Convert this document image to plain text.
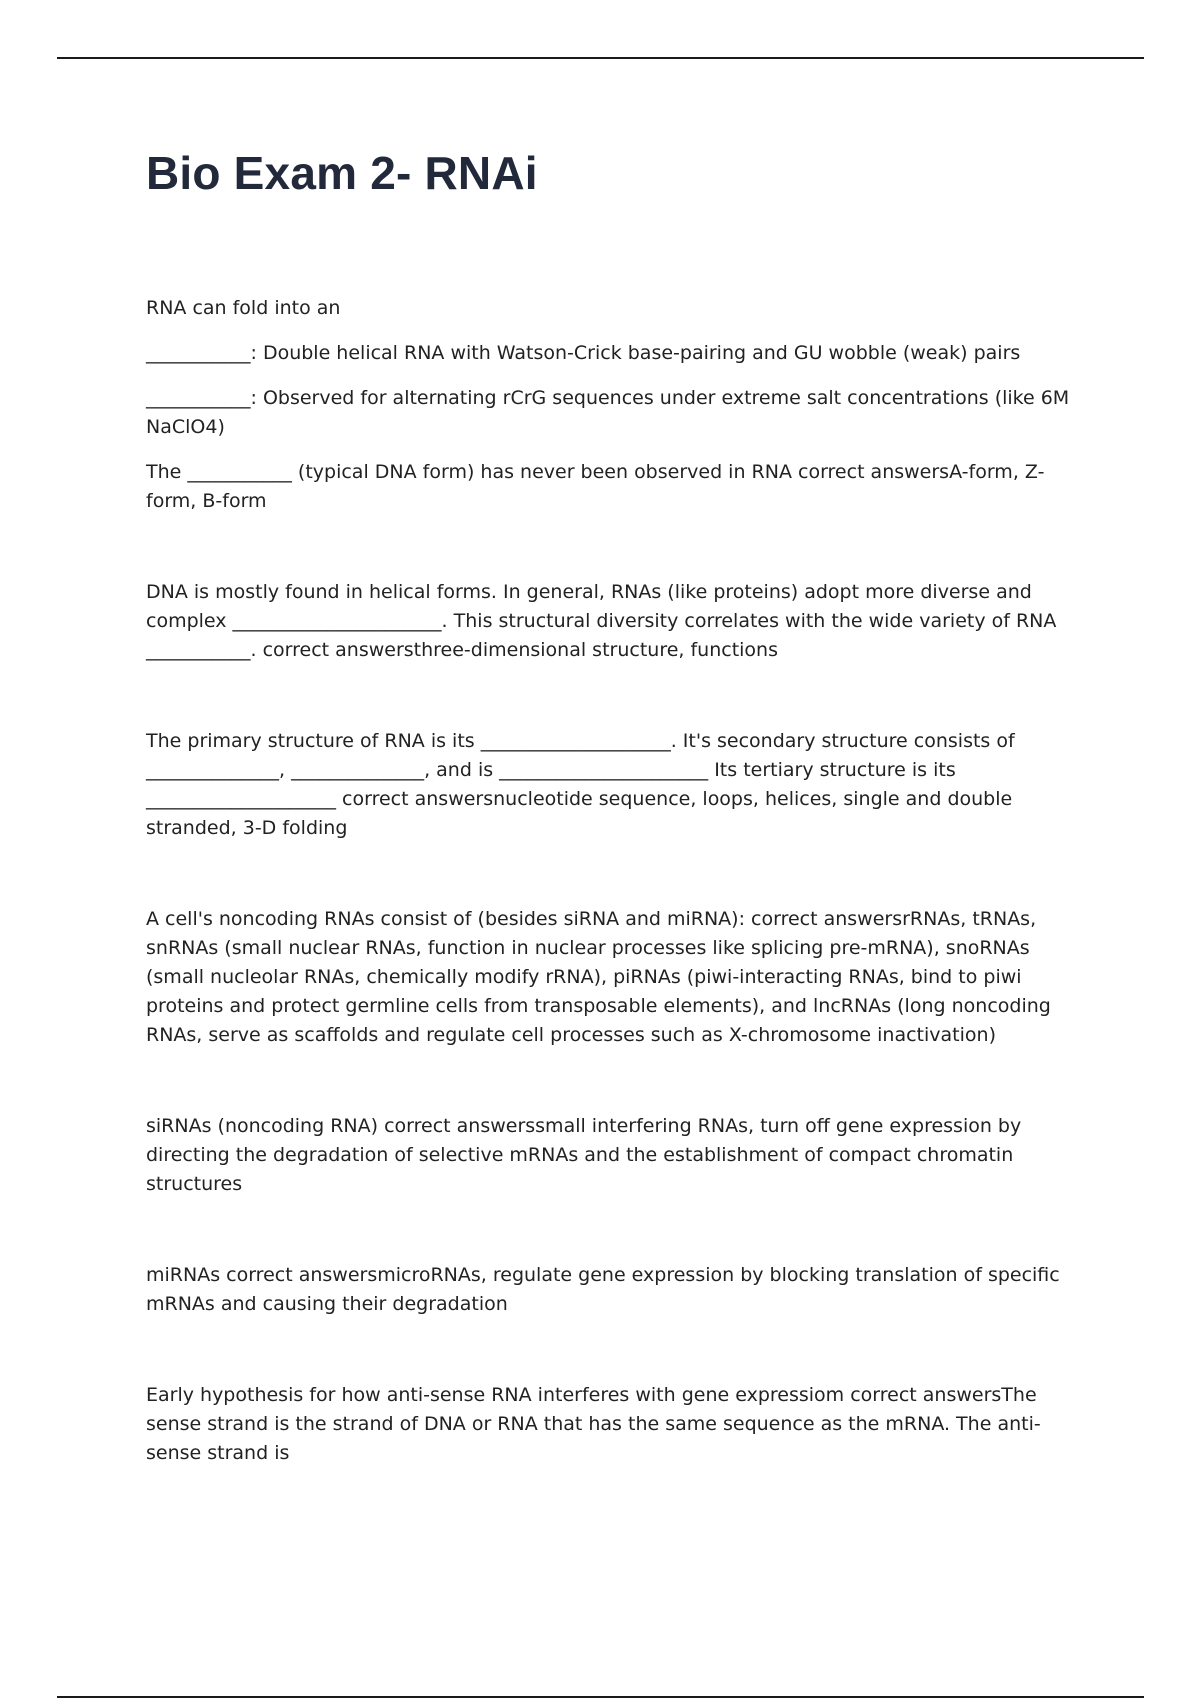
Bio Exam 2- RNAi

RNA can fold into an

___________: Double helical RNA with Watson-Crick base-pairing and GU wobble (weak) pairs

___________: Observed for alternating rCrG sequences under extreme salt concentrations (like 6M NaClO4)

The ___________ (typical DNA form) has never been observed in RNA correct answersA-form, Z-form, B-form

DNA is mostly found in helical forms. In general, RNAs (like proteins) adopt more diverse and complex ______________________. This structural diversity correlates with the wide variety of RNA ___________. correct answersthree-dimensional structure, functions

The primary structure of RNA is its ____________________. It's secondary structure consists of ______________, ______________, and is ______________________ Its tertiary structure is its ____________________ correct answersnucleotide sequence, loops, helices, single and double stranded, 3-D folding

A cell's noncoding RNAs consist of (besides siRNA and miRNA): correct answersrRNAs, tRNAs, snRNAs (small nuclear RNAs, function in nuclear processes like splicing pre-mRNA), snoRNAs (small nucleolar RNAs, chemically modify rRNA), piRNAs (piwi-interacting RNAs, bind to piwi proteins and protect germline cells from transposable elements), and lncRNAs (long noncoding RNAs, serve as scaffolds and regulate cell processes such as X-chromosome inactivation)

siRNAs (noncoding RNA) correct answerssmall interfering RNAs, turn off gene expression by directing the degradation of selective mRNAs and the establishment of compact chromatin structures

miRNAs correct answersmicroRNAs, regulate gene expression by blocking translation of specific mRNAs and causing their degradation

Early hypothesis for how anti-sense RNA interferes with gene expressiom correct answersThe sense strand is the strand of DNA or RNA that has the same sequence as the mRNA. The anti-sense strand is
